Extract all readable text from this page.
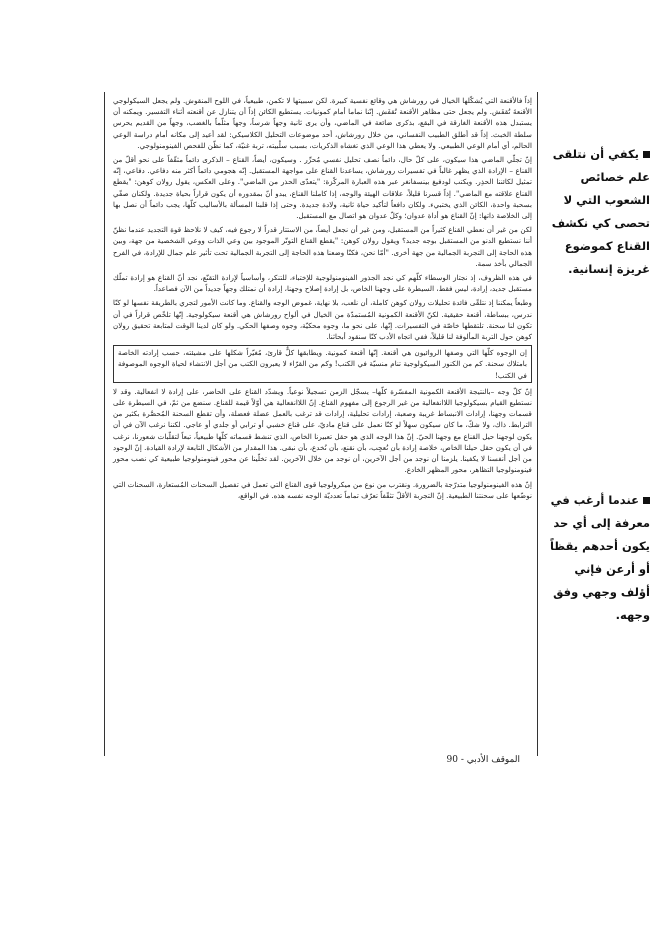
إذاً فالأقنعة التي يُشكّلها الخيال في رورشاش هي وقائع نفسية كبيرة. لكن سببيتها لا تكمن، طبيعياً، في اللوح المنقوش. ولم يجعل السيكولوجي الأقنعةَ تُقفَش. ولم يجعل حتى مظاهر الأقنعة تُقفَش. إنّنا نماما أمام كمونيات. يستطيع الكائن إذاً أن يتنازل عن أقنعته أثناء التفسير. ويمكنه أن يستبدل هذه الأقنعة الغارقة في البقع، بذكرى ضائعة في الماضي، وأن يرى ثانية وجهاً شرساً، وجهاً مثلّماً بالغضب، وجهاً من القديم يحرس سلطة الخبث. إذاً قد أطلق الطبيب النفساني، من خلال رورشاش، أحد موضوعات التحليل الكلاسيكي: لقد أعيد إلى مكانه أمام دراسة الوعي الحالم، أي أمام الوعي الطبيعي. ولا يعطي هذا الوعي الذي تغشاه الذكريات، بسبب سلْبيته، تربة غنيّة، كما نظّن للفحص الفينومنولوجي.

إنّ تجلّي الماضي هذا سيكون، على كلّ حال، دائماً نصف تحليل نفسي مُحرِّر . وسيكون، أيضاً، القناع – الذكرى دائماً مثقّفاً على نحو أقلّ من القناع – الإرادة الذي يظهر غالباً في تفسيرات رورشاش، يساعدنا القناع على مواجهة المستقبل. إنّه هجومي دائماً أكثر منه دفاعي. دفاعي، إنّه تمثيل لكائننا الحذِر. ويكتب لودفيغ بينسفانغر عبر هذه العبارة المركّزة: "يتعدّى الحذر من الماضي". وعلى العكس، يقول رولان كوهن: "يقطع القناع علاقته مع الماضي". إذاً قسرنا قليلاً، علاقات الهيئة والوجه، إذا كاملنا القناع، يبدو أنّ بمقدوره أن يكون قراراً بحياة جديدة. ولكنان صفّي بسحبة واحدة، الكائن الذي يختبيء. ولكان دافعاً لتأكيد حياة ثانية، ولادة جديدة. وحتى إذا قلبنا المسألة بالأساليب كلّها، يجب دائماً أن نصل بها إلى الخلاصة ذاتها: إنّ القناع هو أداة عدوان؛ وكلّ عدوان هو اتصال مع المستقبل.

لكن من غير أن نعطي القناع كثيراً من المستقبل، ومن غير أن نجعل أيضاً، من الاستتار قدراً لا رجوع فيه، كيف لا نلاحظ قوة التجديد عندما نظنّ أننا نستطيع الدنو من المستقبل بوجه جديد؟ ويقول رولان كوهن: "يقطع القناع التوتّر الموجود بين وعي الذات ووعي الشخصية من جهة، وبين هذه الحاجة إلى التجربة الجمالية من جهة أخرى. "أمّا نحن، فكنّا وضعنا هذه الحاجة إلى التجربة الجمالية تحت تأثير علم جمال للإرادة، في الفرح الجمالي بأخذ سمة.

في هذه الظروف، إذ نجتاز الوسطاء كلّهم كي نجد الجذور الفينومنولوجية للإختباء، للتنكر، وأساسياً لإرادة التقنّع، نجد أنّ القناع هو إرادة تملّك مستقبل جديد، إرادة، ليس فقط، السيطرة على وجهنا الخاص، بل إرادة إصلاح وجهنا، إرادة أن نمتلك وجهاً جديداً من الآن فصاعداً.

وطبعاً يمكننا إذ نتلقّى فائدة تحليلات رولان كوهن كاملة، أن نلعب، بلا نهاية، غموض الوجه والقناع. وما كانت الأمور لتجري بالطريقة نفسها لو كنّا ندرس، ببساطة، أقنعة حقيقية. لكنّ الأقنعة الكمونية المُستمدّة من الخيال في ألواح رورشاش هي أقنعة سيكولوجية. إنّها تلخّص قراراً في أن تكون لنا سحنة. تلتقطها خاصّة في التفسيرات. إنّها، على نحو ما، وجوه محكيّة، وجوه وصفها الحكي. ولو كان لدينا الوقت لمتابعة تحقيق رولان كوهن حول التربة المألوفة لنا قليلاً، ففي اتجاه الأدب كنّا سنقود أبحاثنا.

إن الوجوه كلّها التي وصفها الروائيون هي أقنعة. إنّها أقنعة كمونية. ويطابقها كلٌّ قارئ، مُغيّراً شكلها على مشيئته، حسب إرادته الخاصة بامتلاك سحنة. كم من الكنوز السيكولوجية تنام منسيّة في الكتب! وكم من القرّاء لا يعبرون الكتب من أجل الانتشاء لحياة الوجوه الموصوفة في الكتب!

إنّ كلّ وجه –بالنتيجة الأقنعة الكمونية المفسّرة كلّها– يسجّل الزمن تسجيلاً نوعياً. ويشدّد القناع على الحاضر، على إرادة لا انفعالية. وقد لا نستطيع القيام بسيكولوجيا اللاانفعالية من غير الرجوع إلى مفهوم القناع. إنّ اللاانفعالية هي أوّلاً قيمة للقناع. سنضع من ثمّ، في السيطرة على قسمات وجهنا، إرادات الانبساط غريبة وصعبة، إرادات تحليلية، إرادات قد ترغب بالعمل عضلة فعضلة، وأن تقطع السحنة المُحصَّرة بكثير من الترابط. ذاك، ولا شكّ، ما كان سيكون سهلاً لو كنّا نعمل على قناع ماديّ، على قناع خشبي أو ترابي أو جلدي أو عاجي. لكننا نرغب الآن في أن يكون لوجهنا حيل القناع مع وجهنا الحيّ. إنّ هذا الوجه الذي هو حقل تعبيرنا الخاص، الذي تنشط قسماته كلّها طبيعياً، تبعاً لتقلّبات شعورنا، نرغب في أن يكون حقل حيلنا الخاص، خلاصة إرادة بأن نُعجِب، بأن نقنع، بأن نُخدع، بأن نبقى. هذا المقدار من الأشكال التابعة لإرادة القيادة. إنّ الوجود من أجل أنفسنا لا يكفينا. يلزمنا أن نوجد من أجل الآخرين، أن نوجد من خلال الآخرين. لقد تخلّينا عن محور فينومنولوجيا طبيعية كي نصب محور فينومنولوجيا التظاهر، محور المظهر الخادع.

إنّ هذه الفينومنولوجيا متدرّجة بالضرورة. ونقترب من نوع من ميكرولوجيا قوى القناع التي تعمل في تفصيل السحنات المُستعارة، السحنات التي نوضّعها على سحنتنا الطبيعية. إنّ التجربة الأقلّ تثقّفاً تعرّف تماماً تعدديّة الوجه نفسه هذه. في الواقع،

يكفي أن نتلقى علم خصائص الشعوب التي لا تحصى كي نكشف القناع كموضوع غريزة إنسانية.
عندما أرغب في معرفة إلى أي حد يكون أحدهم يقظاً أو أرعن فإني أؤلف وجهي وفق وجهه.
الموقف الأدبي - 90
